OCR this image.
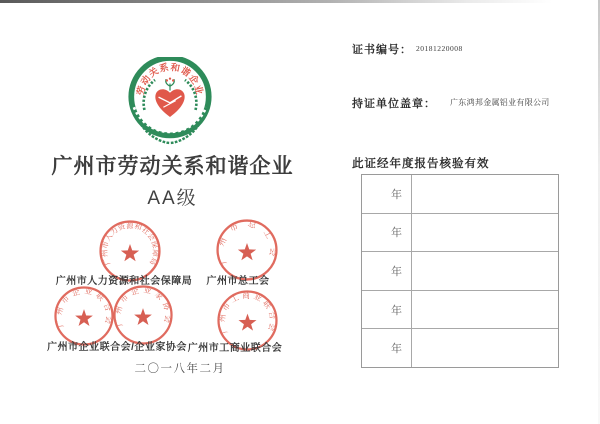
劳动关系和谐企业
广州市劳动关系和谐企业
AA级
广州市人力资源和社会保障局	广州市总工会
广州市企业联合会 广州市企业家协会
广州市工商业联合会
广州市人力资源和社会保障局	广州市总工会
广州市企业联合会/企业家协会 广州市工商业联合会
二〇一八年二月
证书编号： 20181220008
持证单位盖章： 广东鸿邦金属铝业有限公司
此证经年度报告核验有效
年
年
年
年
年
